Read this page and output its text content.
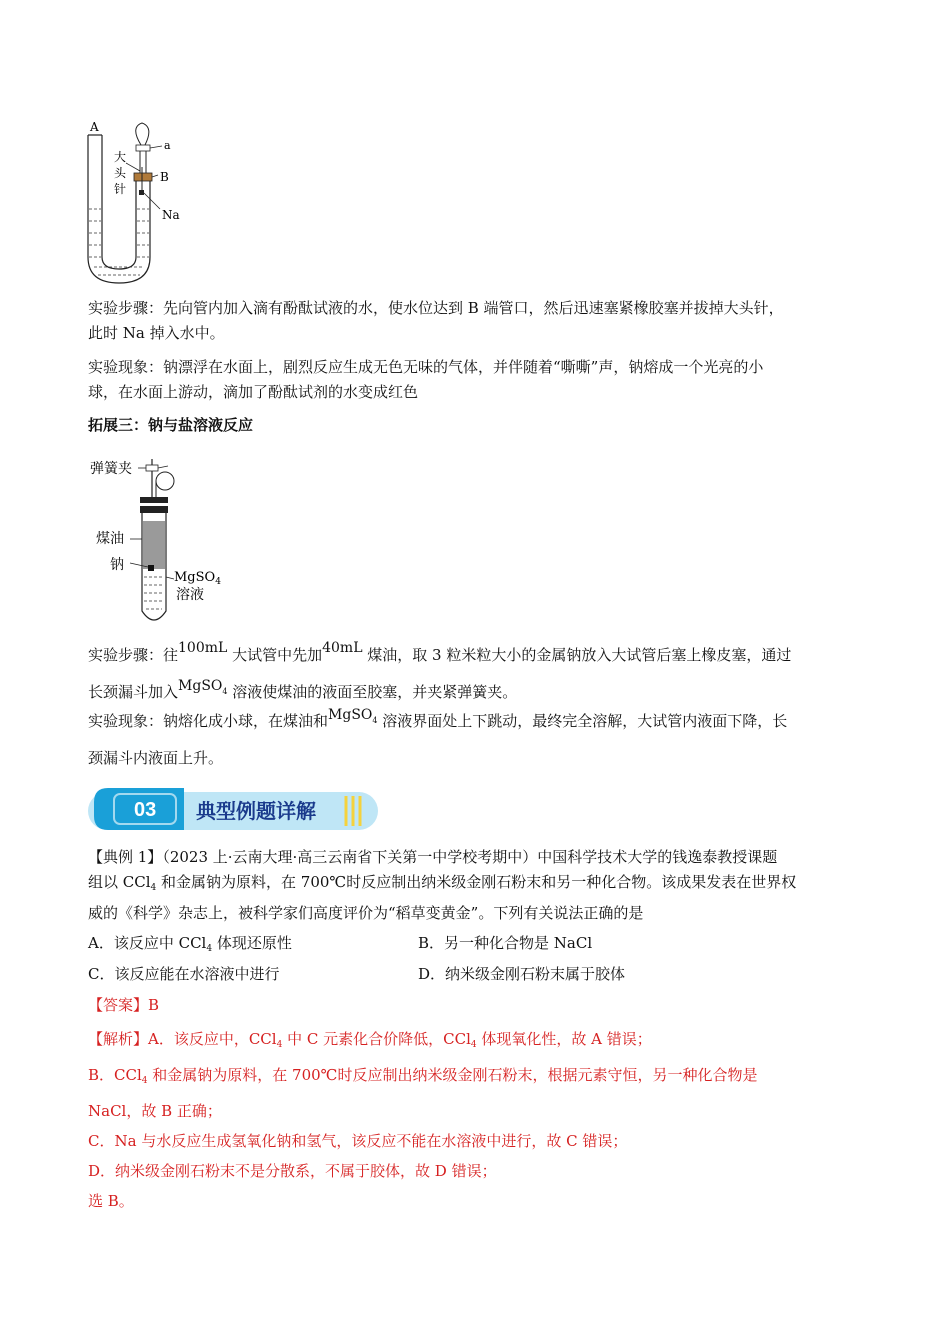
A
a
B
Na
大
头
针

实验步骤：先向管内加入滴有酚酞试液的水，使水位达到 B 端管口，然后迅速塞紧橡胶塞并拔掉大头针，
此时 Na 掉入水中。

实验现象：钠漂浮在水面上，剧烈反应生成无色无味的气体，并伴随着“嘶嘶”声，钠熔成一个光亮的小
球，在水面上游动，滴加了酚酞试剂的水变成红色

拓展三：钠与盐溶液反应

弹簧夹
煤油
钠
MgSO$_4$
溶液

实验步骤：往100mL 大试管中先加40mL 煤油，取 3 粒米粒大小的金属钠放入大试管后塞上橡皮塞，通过
长颈漏斗加入MgSO$_4$ 溶液使煤油的液面至胶塞，并夹紧弹簧夹。

实验现象：钠熔化成小球，在煤油和MgSO$_4$ 溶液界面处上下跳动，最终完全溶解，大试管内液面下降，长
颈漏斗内液面上升。

03 典型例题详解

【典例 1】（2023 上·云南大理·高三云南省下关第一中学校考期中）中国科学技术大学的钱逸泰教授课题
组以 CCl$_4$ 和金属钠为原料，在 700℃时反应制出纳米级金刚石粉末和另一种化合物。该成果发表在世界权
威的《科学》杂志上，被科学家们高度评价为“稻草变黄金”。下列有关说法正确的是

A．该反应中 CCl$_4$ 体现还原性	B．另一种化合物是 NaCl
C．该反应能在水溶液中进行	D．纳米级金刚石粉末属于胶体

【答案】B

【解析】A．该反应中，CCl$_4$ 中 C 元素化合价降低，CCl$_4$ 体现氧化性，故 A 错误；
B．CCl$_4$ 和金属钠为原料，在 700℃时反应制出纳米级金刚石粉末，根据元素守恒，另一种化合物是
NaCl，故 B 正确；
C．Na 与水反应生成氢氧化钠和氢气，该反应不能在水溶液中进行，故 C 错误；
D．纳米级金刚石粉末不是分散系，不属于胶体，故 D 错误；
选 B。
